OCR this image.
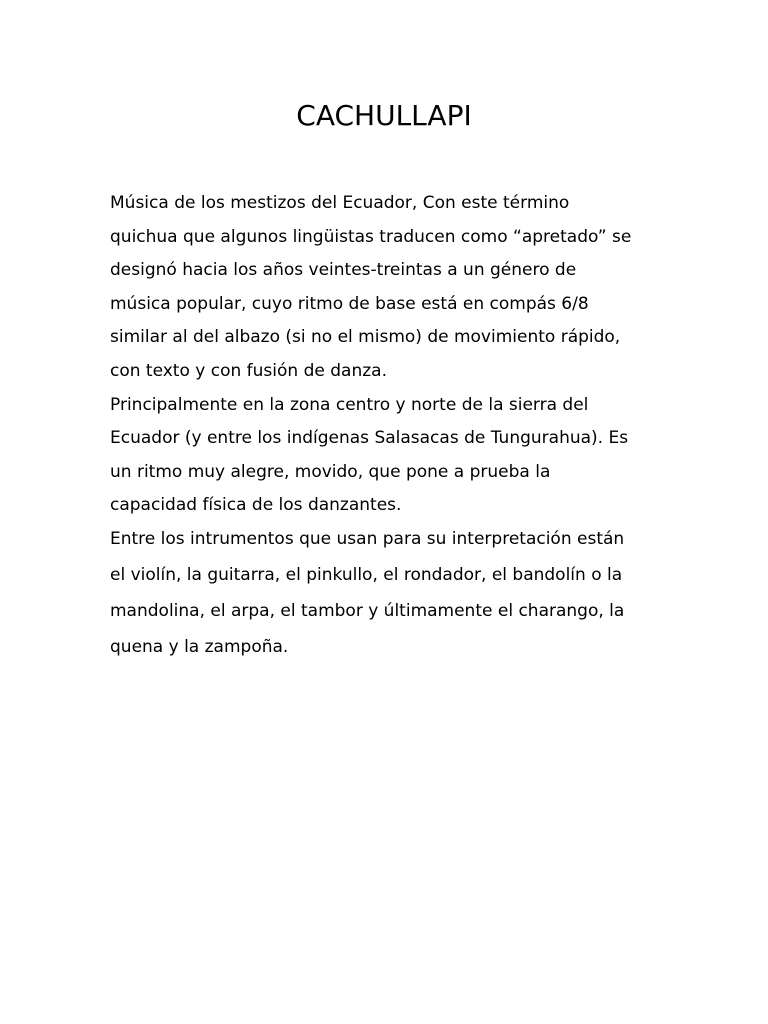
CACHULLAPI
Música de los mestizos del Ecuador, Con este término
quichua que algunos lingüistas traducen como “apretado” se
designó hacia los años veintes-treintas a un género de
música popular, cuyo ritmo de base está en compás 6/8
similar al del albazo (si no el mismo) de movimiento rápido,
con texto y con fusión de danza.
Principalmente en la zona centro y norte de la sierra del
Ecuador (y entre los indígenas Salasacas de Tungurahua). Es
un ritmo muy alegre, movido, que pone a prueba la
capacidad física de los danzantes.
Entre los intrumentos que usan para su interpretación están
el violín, la guitarra, el pinkullo, el rondador, el bandolín o la
mandolina, el arpa, el tambor y últimamente el charango, la
quena y la zampoña.
